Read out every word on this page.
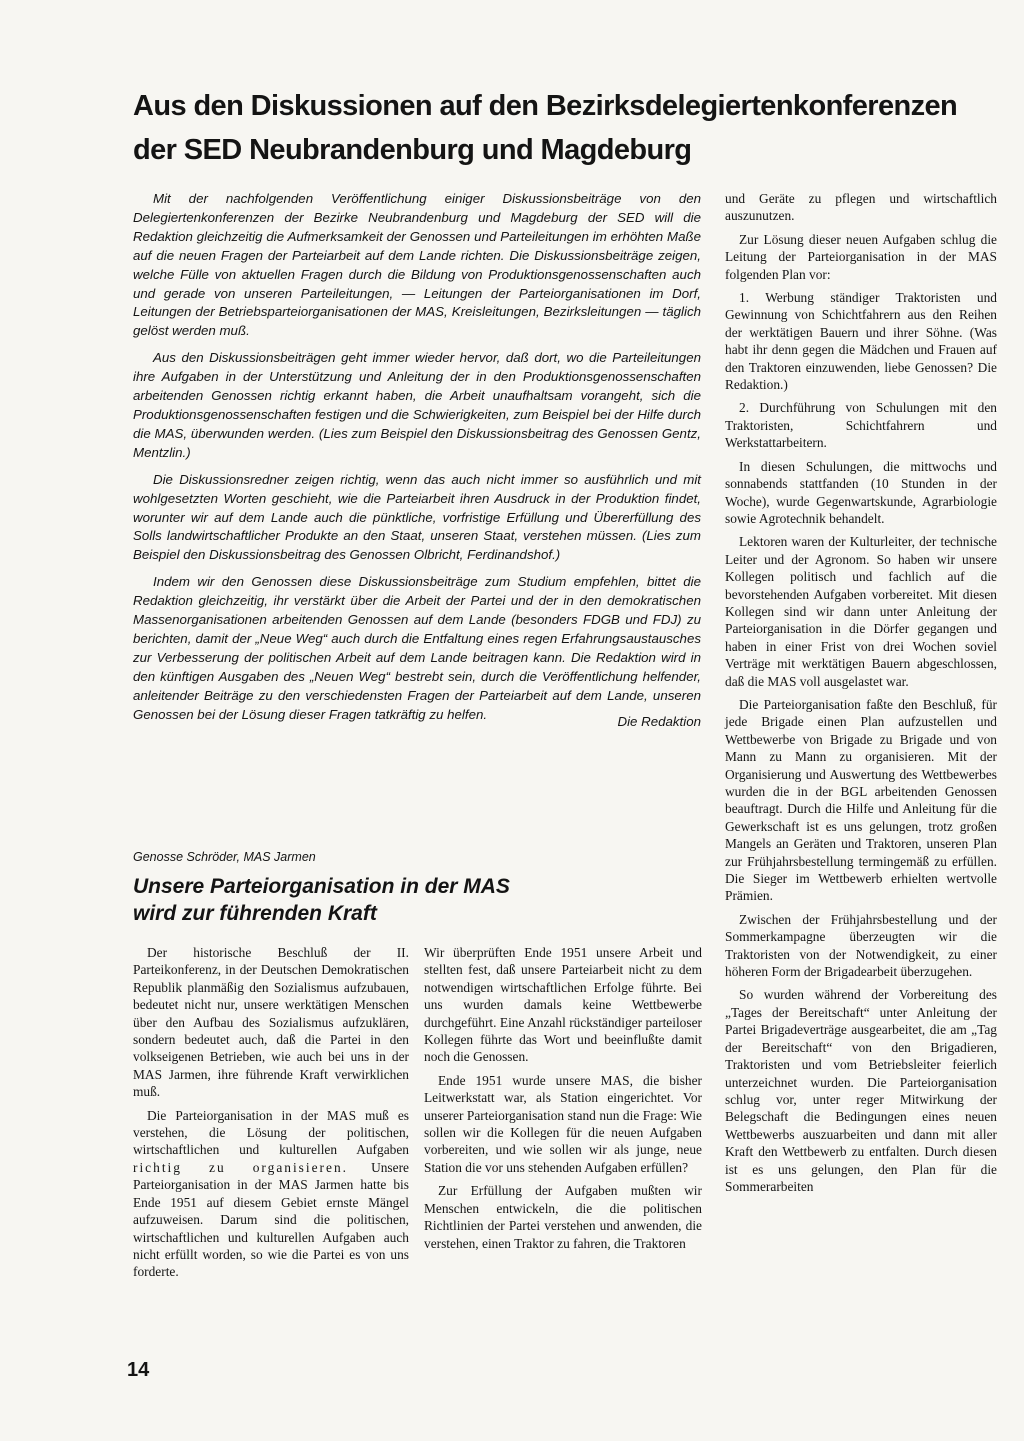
Aus den Diskussionen auf den Bezirksdelegiertenkonferenzen
der SED Neubrandenburg und Magdeburg

Mit der nachfolgenden Veröffentlichung einiger Diskussionsbeiträge von den Delegiertenkonferenzen der Bezirke Neubrandenburg und Magdeburg der SED will die Redaktion gleichzeitig die Aufmerksamkeit der Genossen und Parteileitungen im erhöhten Maße auf die neuen Fragen der Parteiarbeit auf dem Lande richten. Die Diskussionsbeiträge zeigen, welche Fülle von aktuellen Fragen durch die Bildung von Produktionsgenossenschaften auch und gerade von unseren Parteileitungen, — Leitungen der Parteiorganisationen im Dorf, Leitungen der Betriebsparteiorganisationen der MAS, Kreisleitungen, Bezirksleitungen — täglich gelöst werden muß.

Aus den Diskussionsbeiträgen geht immer wieder hervor, daß dort, wo die Parteileitungen ihre Aufgaben in der Unterstützung und Anleitung der in den Produktionsgenossenschaften arbeitenden Genossen richtig erkannt haben, die Arbeit unaufhaltsam vorangeht, sich die Produktionsgenossenschaften festigen und die Schwierigkeiten, zum Beispiel bei der Hilfe durch die MAS, überwunden werden. (Lies zum Beispiel den Diskussionsbeitrag des Genossen Gentz, Mentzlin.)

Die Diskussionsredner zeigen richtig, wenn das auch nicht immer so ausführlich und mit wohlgesetzten Worten geschieht, wie die Parteiarbeit ihren Ausdruck in der Produktion findet, worunter wir auf dem Lande auch die pünktliche, vorfristige Erfüllung und Übererfüllung des Solls landwirtschaftlicher Produkte an den Staat, unseren Staat, verstehen müssen. (Lies zum Beispiel den Diskussionsbeitrag des Genossen Olbricht, Ferdinandshof.)

Indem wir den Genossen diese Diskussionsbeiträge zum Studium empfehlen, bittet die Redaktion gleichzeitig, ihr verstärkt über die Arbeit der Partei und der in den demokratischen Massenorganisationen arbeitenden Genossen auf dem Lande (besonders FDGB und FDJ) zu berichten, damit der „Neue Weg“ auch durch die Entfaltung eines regen Erfahrungsaustausches zur Verbesserung der politischen Arbeit auf dem Lande beitragen kann. Die Redaktion wird in den künftigen Ausgaben des „Neuen Weg“ bestrebt sein, durch die Veröffentlichung helfender, anleitender Beiträge zu den verschiedensten Fragen der Parteiarbeit auf dem Lande, unseren Genossen bei der Lösung dieser Fragen tatkräftig zu helfen.

Die Redaktion

Genosse Schröder, MAS Jarmen
Unsere Parteiorganisation in der MAS
wird zur führenden Kraft

Der historische Beschluß der II. Parteikonferenz, in der Deutschen Demokratischen Republik planmäßig den Sozialismus aufzubauen, bedeutet nicht nur, unsere werktätigen Menschen über den Aufbau des Sozialismus aufzuklären, sondern bedeutet auch, daß die Partei in den volkseigenen Betrieben, wie auch bei uns in der MAS Jarmen, ihre führende Kraft verwirklichen muß.

Die Parteiorganisation in der MAS muß es verstehen, die Lösung der politischen, wirtschaftlichen und kulturellen Aufgaben richtig zu organisieren. Unsere Parteiorganisation in der MAS Jarmen hatte bis Ende 1951 auf diesem Gebiet ernste Mängel aufzuweisen. Darum sind die politischen, wirtschaftlichen und kulturellen Aufgaben auch nicht erfüllt worden, so wie die Partei es von uns forderte.

Wir überprüften Ende 1951 unsere Arbeit und stellten fest, daß unsere Parteiarbeit nicht zu dem notwendigen wirtschaftlichen Erfolge führte. Bei uns wurden damals keine Wettbewerbe durchgeführt. Eine Anzahl rückständiger parteiloser Kollegen führte das Wort und beeinflußte damit noch die Genossen.

Ende 1951 wurde unsere MAS, die bisher Leitwerkstatt war, als Station eingerichtet. Vor unserer Parteiorganisation stand nun die Frage: Wie sollen wir die Kollegen für die neuen Aufgaben vorbereiten, und wie sollen wir als junge, neue Station die vor uns stehenden Aufgaben erfüllen?

Zur Erfüllung der Aufgaben mußten wir Menschen entwickeln, die die politischen Richtlinien der Partei verstehen und anwenden, die verstehen, einen Traktor zu fahren, die Traktoren

und Geräte zu pflegen und wirtschaftlich auszunutzen.

Zur Lösung dieser neuen Aufgaben schlug die Leitung der Parteiorganisation in der MAS folgenden Plan vor:

1. Werbung ständiger Traktoristen und Gewinnung von Schichtfahrern aus den Reihen der werktätigen Bauern und ihrer Söhne. (Was habt ihr denn gegen die Mädchen und Frauen auf den Traktoren einzuwenden, liebe Genossen? Die Redaktion.)

2. Durchführung von Schulungen mit den Traktoristen, Schichtfahrern und Werkstattarbeitern.

In diesen Schulungen, die mittwochs und sonnabends stattfanden (10 Stunden in der Woche), wurde Gegenwartskunde, Agrarbiologie sowie Agrotechnik behandelt.

Lektoren waren der Kulturleiter, der technische Leiter und der Agronom. So haben wir unsere Kollegen politisch und fachlich auf die bevorstehenden Aufgaben vorbereitet. Mit diesen Kollegen sind wir dann unter Anleitung der Parteiorganisation in die Dörfer gegangen und haben in einer Frist von drei Wochen soviel Verträge mit werktätigen Bauern abgeschlossen, daß die MAS voll ausgelastet war.

Die Parteiorganisation faßte den Beschluß, für jede Brigade einen Plan aufzustellen und Wettbewerbe von Brigade zu Brigade und von Mann zu Mann zu organisieren. Mit der Organisierung und Auswertung des Wettbewerbes wurden die in der BGL arbeitenden Genossen beauftragt. Durch die Hilfe und Anleitung für die Gewerkschaft ist es uns gelungen, trotz großen Mangels an Geräten und Traktoren, unseren Plan zur Frühjahrsbestellung termingemäß zu erfüllen. Die Sieger im Wettbewerb erhielten wertvolle Prämien.

Zwischen der Frühjahrsbestellung und der Sommerkampagne überzeugten wir die Traktoristen von der Notwendigkeit, zu einer höheren Form der Brigadearbeit überzugehen.

So wurden während der Vorbereitung des „Tages der Bereitschaft“ unter Anleitung der Partei Brigadeverträge ausgearbeitet, die am „Tag der Bereitschaft“ von den Brigadieren, Traktoristen und vom Betriebsleiter feierlich unterzeichnet wurden. Die Parteiorganisation schlug vor, unter reger Mitwirkung der Belegschaft die Bedingungen eines neuen Wettbewerbs auszuarbeiten und dann mit aller Kraft den Wettbewerb zu entfalten. Durch diesen ist es uns gelungen, den Plan für die Sommerarbeiten

14
